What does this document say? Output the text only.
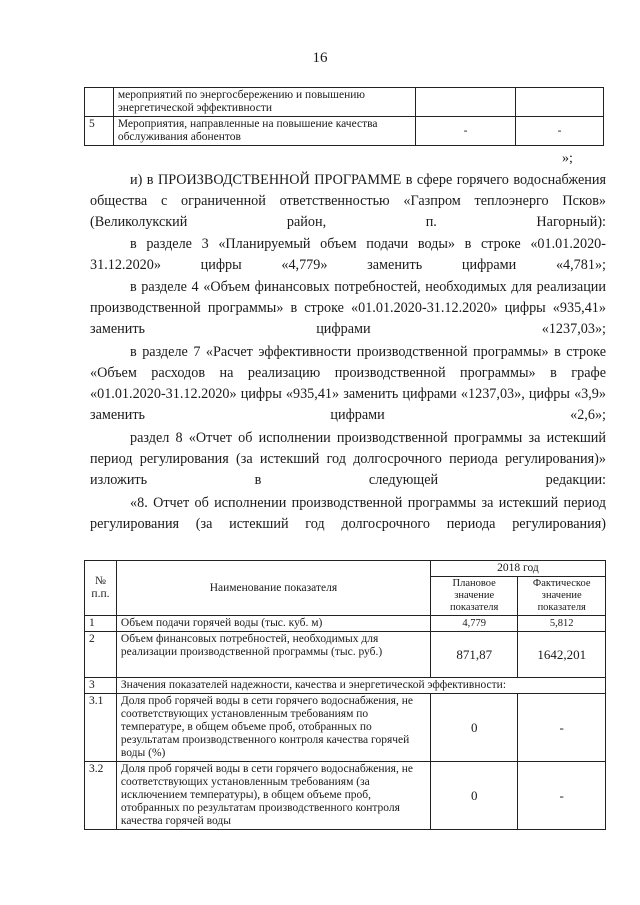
16
	мероприятий по энергосбережению и повышению энергетической эффективности		
5	Мероприятия, направленные на повышение качества обслуживания абонентов	-	-
»;

и) в ПРОИЗВОДСТВЕННОЙ ПРОГРАММЕ в сфере горячего водоснабжения общества с ограниченной ответственностью «Газпром теплоэнерго Псков» (Великолукский район, п. Нагорный):

в разделе 3 «Планируемый объем подачи воды» в строке «01.01.2020-31.12.2020» цифры «4,779» заменить цифрами «4,781»;

в разделе 4 «Объем финансовых потребностей, необходимых для реализации производственной программы» в строке «01.01.2020-31.12.2020» цифры «935,41» заменить цифрами «1237,03»;

в разделе 7 «Расчет эффективности производственной программы» в строке «Объем расходов на реализацию производственной программы» в графе «01.01.2020-31.12.2020» цифры «935,41» заменить цифрами «1237,03», цифры «3,9» заменить цифрами «2,6»;

раздел 8 «Отчет об исполнении производственной программы за истекший период регулирования (за истекший год долгосрочного периода регулирования)» изложить в следующей редакции:

«8. Отчет об исполнении производственной программы за истекший период регулирования (за истекший год долгосрочного периода регулирования)

№ п.п.	Наименование показателя	2018 год	
		Плановое значение показателя	Фактическое значение показателя
1	Объем подачи горячей воды (тыс. куб. м)	4,779	5,812
2	Объем финансовых потребностей, необходимых для реализации производственной программы (тыс. руб.)	871,87	1642,201
3	Значения показателей надежности, качества и энергетической эффективности:		
3.1	Доля проб горячей воды в сети горячего водоснабжения, не соответствующих установленным требованиям по температуре, в общем объеме проб, отобранных по результатам производственного контроля качества горячей воды (%)	0	-
3.2	Доля проб горячей воды в сети горячего водоснабжения, не соответствующих установленным требованиям (за исключением температуры), в общем объеме проб, отобранных по результатам производственного контроля качества горячей воды	0	-
